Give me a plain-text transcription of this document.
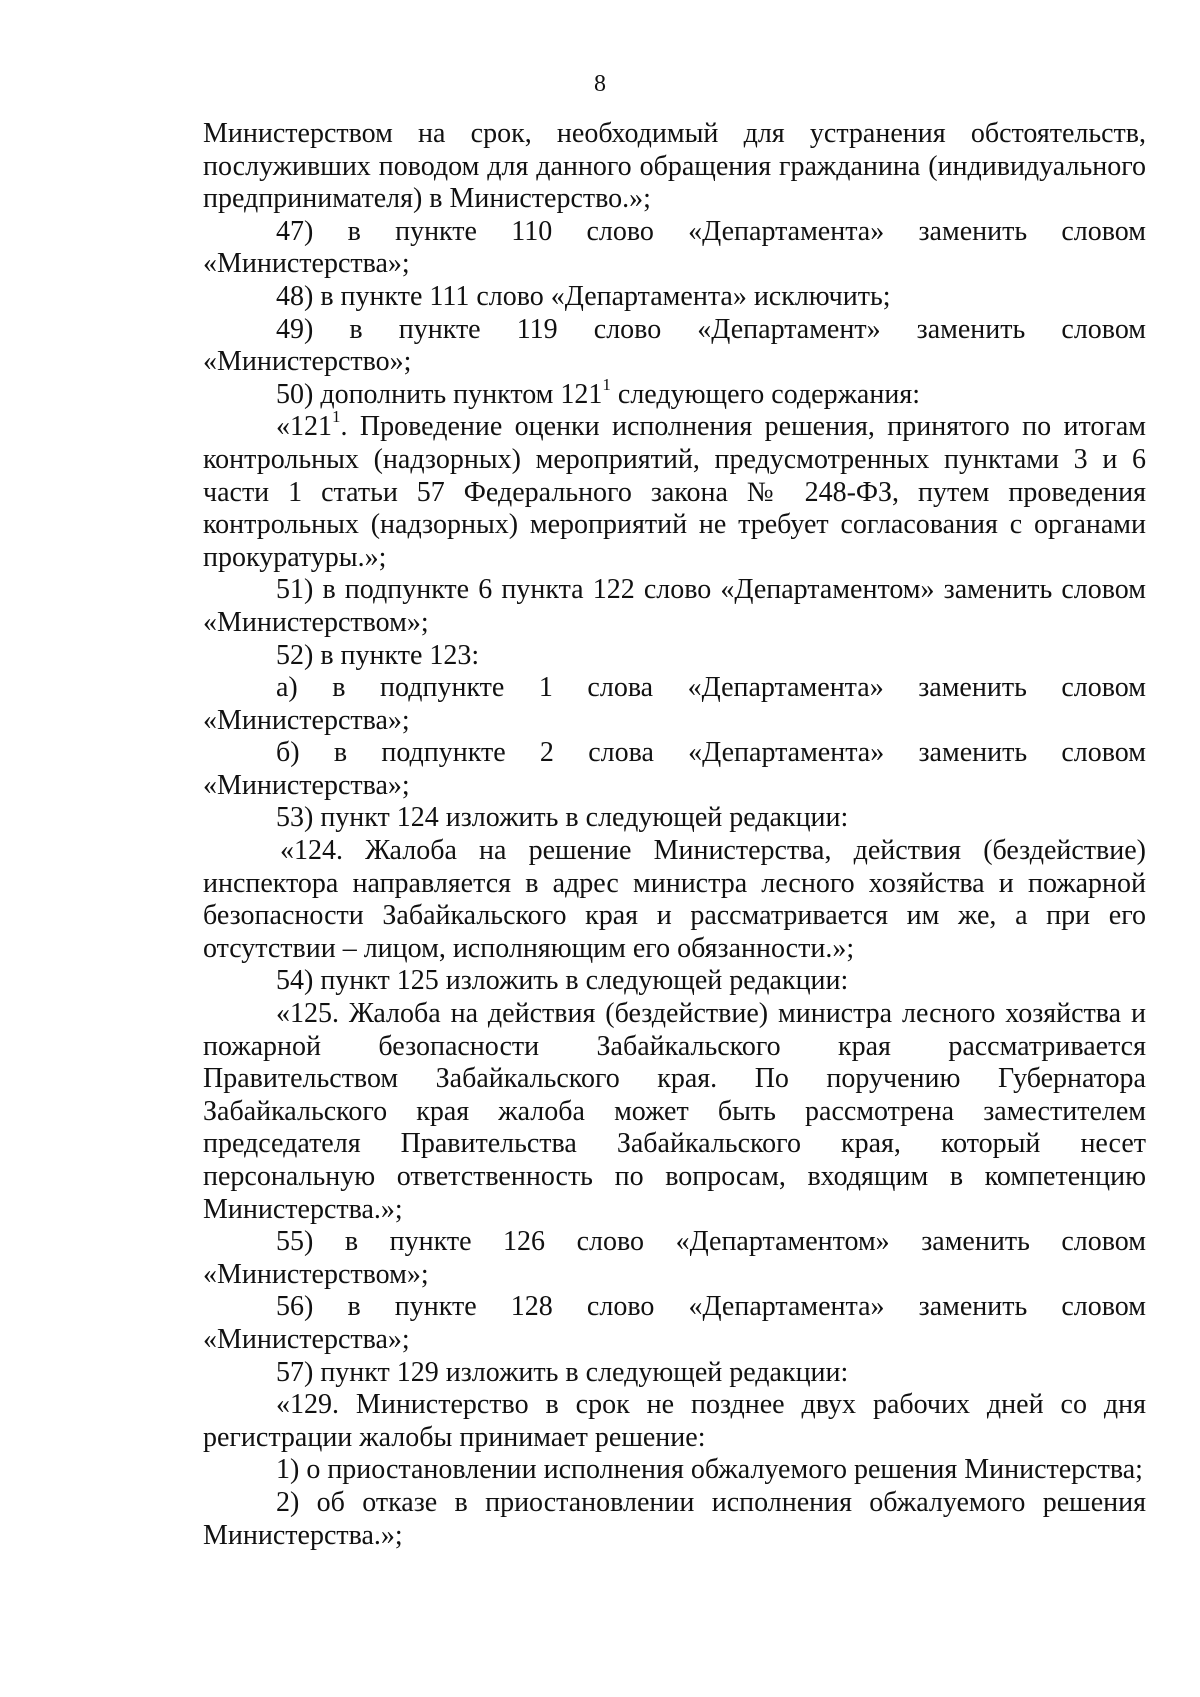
8

Министерством на срок, необходимый для устранения обстоятельств, послуживших поводом для данного обращения гражданина (индивидуального предпринимателя) в Министерство.»;

47) в пункте 110 слово «Департамента» заменить словом «Министерства»;

48) в пункте 111 слово «Департамента» исключить;

49) в пункте 119 слово «Департамент» заменить словом «Министерство»;

50) дополнить пунктом $121^1$ следующего содержания:

«$121^1$. Проведение оценки исполнения решения, принятого по итогам контрольных (надзорных) мероприятий, предусмотренных пунктами 3 и 6 части 1 статьи 57 Федерального закона № 248-ФЗ, путем проведения контрольных (надзорных) мероприятий не требует согласования с органами прокуратуры.»;

51) в подпункте 6 пункта 122 слово «Департаментом» заменить словом «Министерством»;

52) в пункте 123:

а) в подпункте 1 слова «Департамента» заменить словом «Министерства»;

б) в подпункте 2 слова «Департамента» заменить словом «Министерства»;

53) пункт 124 изложить в следующей редакции:

«124. Жалоба на решение Министерства, действия (бездействие) инспектора направляется в адрес министра лесного хозяйства и пожарной безопасности Забайкальского края и рассматривается им же, а при его отсутствии – лицом, исполняющим его обязанности.»;

54) пункт 125 изложить в следующей редакции:

«125. Жалоба на действия (бездействие) министра лесного хозяйства и пожарной безопасности Забайкальского края рассматривается Правительством Забайкальского края. По поручению Губернатора Забайкальского края жалоба может быть рассмотрена заместителем председателя Правительства Забайкальского края, который несет персональную ответственность по вопросам, входящим в компетенцию Министерства.»;

55) в пункте 126 слово «Департаментом» заменить словом «Министерством»;

56) в пункте 128 слово «Департамента» заменить словом «Министерства»;

57) пункт 129 изложить в следующей редакции:

«129. Министерство в срок не позднее двух рабочих дней со дня регистрации жалобы принимает решение:

1) о приостановлении исполнения обжалуемого решения Министерства;

2) об отказе в приостановлении исполнения обжалуемого решения Министерства.»;
